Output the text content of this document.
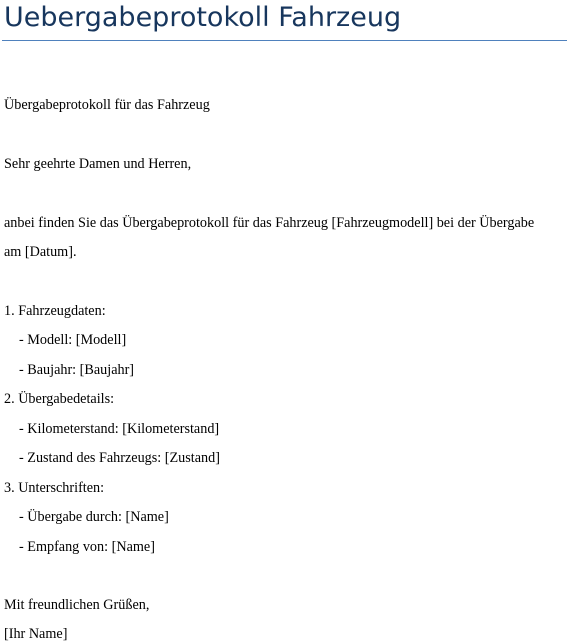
Uebergabeprotokoll Fahrzeug
Übergabeprotokoll für das Fahrzeug
Sehr geehrte Damen und Herren,
anbei finden Sie das Übergabeprotokoll für das Fahrzeug [Fahrzeugmodell] bei der Übergabe
am [Datum].
1. Fahrzeugdaten:
- Modell: [Modell]
- Baujahr: [Baujahr]
2. Übergabedetails:
- Kilometerstand: [Kilometerstand]
- Zustand des Fahrzeugs: [Zustand]
3. Unterschriften:
- Übergabe durch: [Name]
- Empfang von: [Name]
Mit freundlichen Grüßen,
[Ihr Name]
